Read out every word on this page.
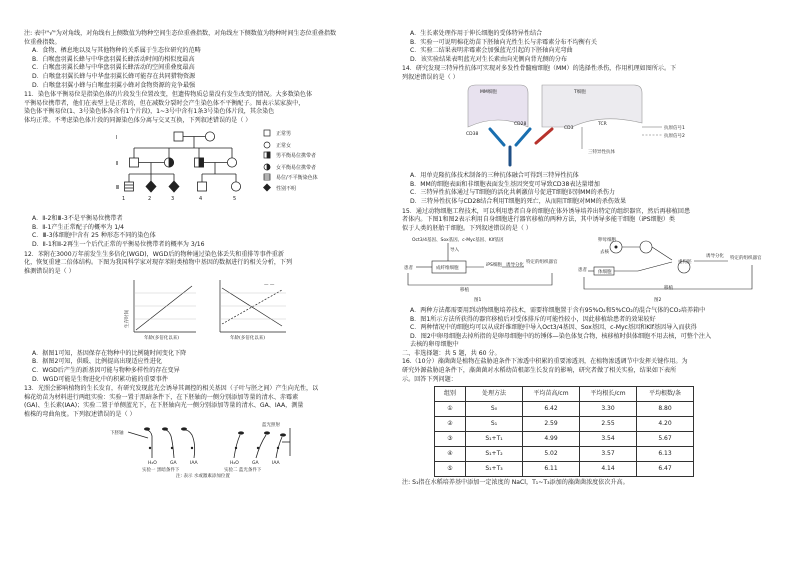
注: 表中"√"为对角线，对角线右上侧数值为物种空间生态位重叠指数，对角线左下侧数值为物种时间生态位重叠指数

位重叠指数。

A．食物、栖息地以及与其他物种的关系属于生态位研究的范畴

B．白喉盘羽翼长蜂与中华盘羽翼长蜂活动时间的相似度最高

C．白喉盘羽翼长蜂与中华盘羽翼长蜂活动的空间重叠度最高

D．白喉盘羽翼长蜂与中华盘羽翼长蜂可能存在共同猎物资源

D．白喉盘羽翼小蜂与白喉盘羽翼小蜂对食物资源的竞争最强

11．染色体平衡易位是指染色体的片段发生位置改变，但遗传物质总量没有发生改变的情况。大多数染色体

平衡易位携带者，他们在表型上是正常的，但在减数分裂时会产生染色体不平衡配子。图表示某家族中，

染色体平衡易位(1、3号染色体各含有1个片段)，1~3号中含有1条3号染色体片段，其余染色

体均正常。不考虑染色体片段的同源染色体分离与交叉互换，下列叙述错误的是（ ）

Ⅰ
Ⅱ
Ⅲ
1	2	3	4	5
正常男
正常女
男平衡易位携带者
女平衡易位携带者
易位/不平衡染色体
性别不明

A．Ⅱ-2和Ⅲ-3不是平衡易位携带者

B．Ⅱ-1产生正常配子的概率为 1/4

C．Ⅲ-3体细胞中含有 25 种形态不同的染色体

D．Ⅱ-1和Ⅱ-2再生一个后代正常的平衡易位携带者的概率为 3/16

12．苯附在3000万年前发生生多倍化(WGD)，WGD后的物种通过染色体丢失和重排等事件重新

化，恢复重建二倍体结构。下图为我国科学家对现存苯附类植物中基因的数据进行的相关分析，下列

推测错误的是（ ）

年龄(多倍化以来)	年龄(多倍化以来)
— —
生存时间

A．据图1可知，基因保存在物种中的比例随时间变化下降

B．据图2可知，供暖、比例提高出现适应性进化

C．WGD后产生的新基因可能与物种多样性的存在变异

D．WGD可能是生物进化中的积累功能的重要事件

13．光照会影响植物的生长发育，有研究发现蓝光会诱导其调控的相关基因（子叶与胚之间）产生向光性，以

棉花幼苗为材料进行两组实验：实验一置于黑暗条件下，在下胚轴的一侧分别添加等量的清水、赤霉素

(GA)、生长素(IAA)；实验二置于单侧蓝光下，在下胚轴向光一侧分别添加等量的清水、GA、IAA，测量

植株的弯曲角度。下列叙述错误的是（ ）

下胚轴
蓝光照射
H₂O	GA	IAA	H₂O	GA	IAA
实验一 黑暗条件下	实验二 蓝光条件下
注: 表示 水或激素添加位置

A．生长素处理作用于伸长细胞的受体特异性结合

B．实验一可说明棉花幼苗下胚轴向光性生长与赤霉素分布不均衡有关

C．实验二结果表明赤霉素会加强蓝光引起的下胚轴向光弯曲

D．该实验结果表明蓝光对生长素由向光侧向背光侧的分布

14．研究发现三特异性抗体可实现对多发性骨髓瘤细胞（MM）的选择性杀伤，作用机理如图所示。下

列叙述错误的是（ ）

MM细胞	T细胞
CD38
CD28
CD3
TCR
三特异性抗体
抗原信号1
抗原信号2

A．用单克隆抗体技术制备的三种抗体融合可得到三特异性抗体

B．MM的细胞表面和非细胞表面发生基因突变可导致CD38表达量增加

C．三特异性抗体通过与T细胞的活化共刺激信号促进T细胞识别MM的杀伤力

D．三特异性抗体与CD28结合利用T细胞的死亡，从而阻T细胞对MM的杀伤效果

15．通过动物细胞工程技术，可以利用患者自身的细胞在体外诱导培养出特定的组织器官，然后再移植回患

者体内。下图1和图2表示利用自身细胞进行器官移植的两种方法，其中诱导多能干细胞（iPS细胞）类

似于人类的胚胎干细胞。下列叙述错误的是（ ）

Oct3/4基因、Sox基因、c-Myc基因、Klf基因
导入
患者	成纤维细胞
iPS细胞 诱导分化
特定的组织器官
移植
图1
卵母细胞
去核
患者 体细胞
重构胚
诱导分化 特定的组织器官
移植
图2

A．两种方法都需要用到动物细胞培养技术，需要将细胞置于含有95%O₂和5%CO₂的混合气体的CO₂培养箱中

B．图1所示方法所获得的器官移植后对受体排斥的可能性较小，因此移植给患者的效果较好

C．两种情况中的细胞均可以从成纤维细胞中导入Oct3/4基因、Sox基因、c-Myc基因和Klf基因导入而获得

D．图2中卵母细胞去掉所指的是卵母细胞中的纺锤体—染色体复合物，核移植时供体细胞不用去核，可整个注入

去核的卵母细胞中

二、非选择题：共 5 题，共 60 分。

16.（10分）藻菌菌是植物在盐胁迫条件下渗透中积累的重要渗透剂，在植物渗透调节中发挥关键作用。为

研究外源盐胁迫条件下，藻菌菌对水稻幼苗根部生长发育的影响，研究者做了相关实验，结果如下表所

示。回答下列问题：

组别	处理方法	平均苗高/cm	平均根长/cm	平均根数/条
①	S₀	6.42	3.30	8.80
②	S₁	2.59	2.55	4.20
③	S₁+T₁	4.99	3.54	5.67
④	S₁+T₂	5.02	3.57	6.13
⑤	S₁+T₃	6.11	4.14	6.47

注: S₁指在水稻培养基中添加一定浓度的 NaCl，T₁~T₃添加的藻菌菌浓度依次升高。
